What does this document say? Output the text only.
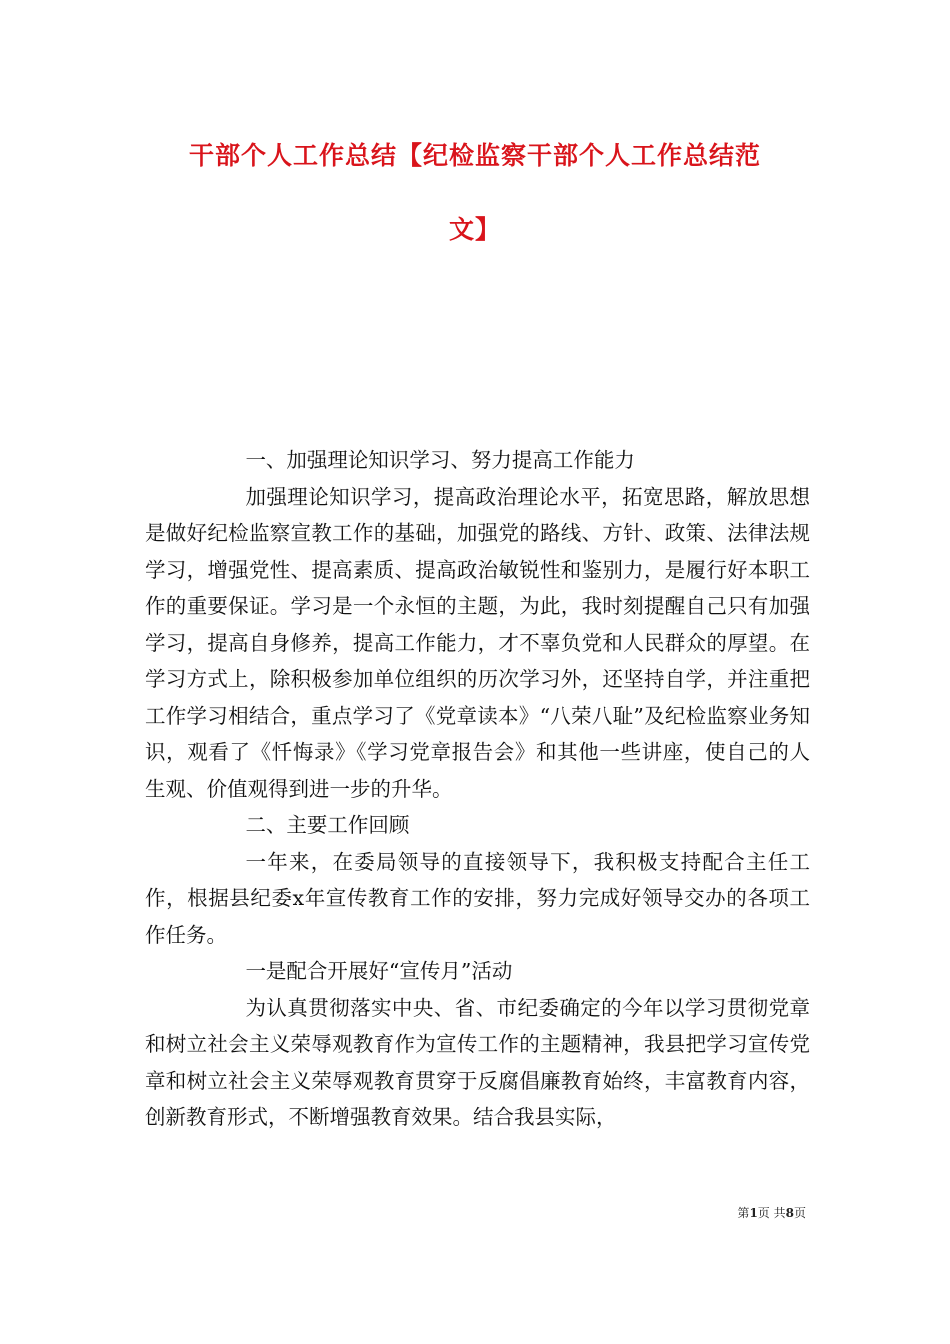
干部个人工作总结【纪检监察干部个人工作总结范
文】

一、加强理论知识学习、努力提高工作能力

加强理论知识学习，提高政治理论水平，拓宽思路，解放思想是做好纪检监察宣教工作的基础，加强党的路线、方针、政策、法律法规学习，增强党性、提高素质、提高政治敏锐性和鉴别力，是履行好本职工作的重要保证。学习是一个永恒的主题，为此，我时刻提醒自己只有加强学习，提高自身修养，提高工作能力，才不辜负党和人民群众的厚望。在学习方式上，除积极参加单位组织的历次学习外，还坚持自学，并注重把工作学习相结合，重点学习了《党章读本》“八荣八耻”及纪检监察业务知识，观看了《忏悔录》《学习党章报告会》和其他一些讲座，使自己的人生观、价值观得到进一步的升华。

二、主要工作回顾

一年来，在委局领导的直接领导下，我积极支持配合主任工作，根据县纪委x年宣传教育工作的安排，努力完成好领导交办的各项工作任务。

一是配合开展好“宣传月”活动

为认真贯彻落实中央、省、市纪委确定的今年以学习贯彻党章和树立社会主义荣辱观教育作为宣传工作的主题精神，我县把学习宣传党章和树立社会主义荣辱观教育贯穿于反腐倡廉教育始终，丰富教育内容，创新教育形式，不断增强教育效果。结合我县实际，

第1页 共8页
